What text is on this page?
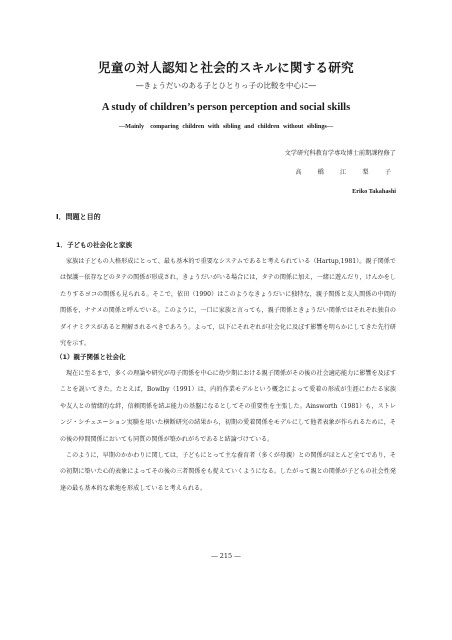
児童の対人認知と社会的スキルに関する研究
―きょうだいのある子とひとりっ子の比較を中心に―
A study of children’s person perception and social skills
―Mainly　comparing children with sibling and children without siblings―
文学研究科教育学専攻博士前期課程修了
高　橋　江　梨　子
Eriko Takahashi
Ⅰ．問題と目的
1．子どもの社会化と家族

家族は子どもの人格形成にとって、最も基本的で重要なシステムであると考えられている（Hartup,1981）。親子関係では保護－依存などのタテの関係が形成され，きょうだいがいる場合には，タテの関係に加え，一緒に遊んだり，けんかをしたりするヨコの関係も見られる。そこで，依田（1990）はこのようなきょうだいに独特な，親子関係と友人関係の中間的関係を，ナナメの関係と呼んでいる。このように，一口に家族と言っても，親子関係ときょうだい関係ではそれぞれ独自のダイナミクスがあると理解されるべきであろう。よって，以下にそれぞれが社会化に及ぼす影響を明らかにしてきた先行研究を示す。

（1）親子関係と社会化

現在に至るまで，多くの理論や研究が母子関係を中心に幼少期における親子関係がその後の社会適応能力に影響を及ぼすことを説いてきた。たとえば，Bowlby（1991）は，内的作業モデルという概念によって愛着の形成が生涯にわたる家族や友人との情緒的な絆，信頼関係を結ぶ能力の基盤になるとしてその重要性を主張した。Ainsworth（1981）も，ストレンジ・シチュエーション実験を用いた横断研究の結果から，初期の愛着関係をモデルにして他者表象が作られるために，その後の仲間関係においても同質の関係が築かれがちであると結論づけている。

このように，早期のかかわりに関しては，子どもにとって主な養育者（多くが母親）との関係がほとんど全てであり，その初期に築いた心的表象によってその後の三者関係をも捉えていくようになる。したがって親との関係が子どもの社会性発達の最も基本的な素地を形成していると考えられる。

― 215 ―
